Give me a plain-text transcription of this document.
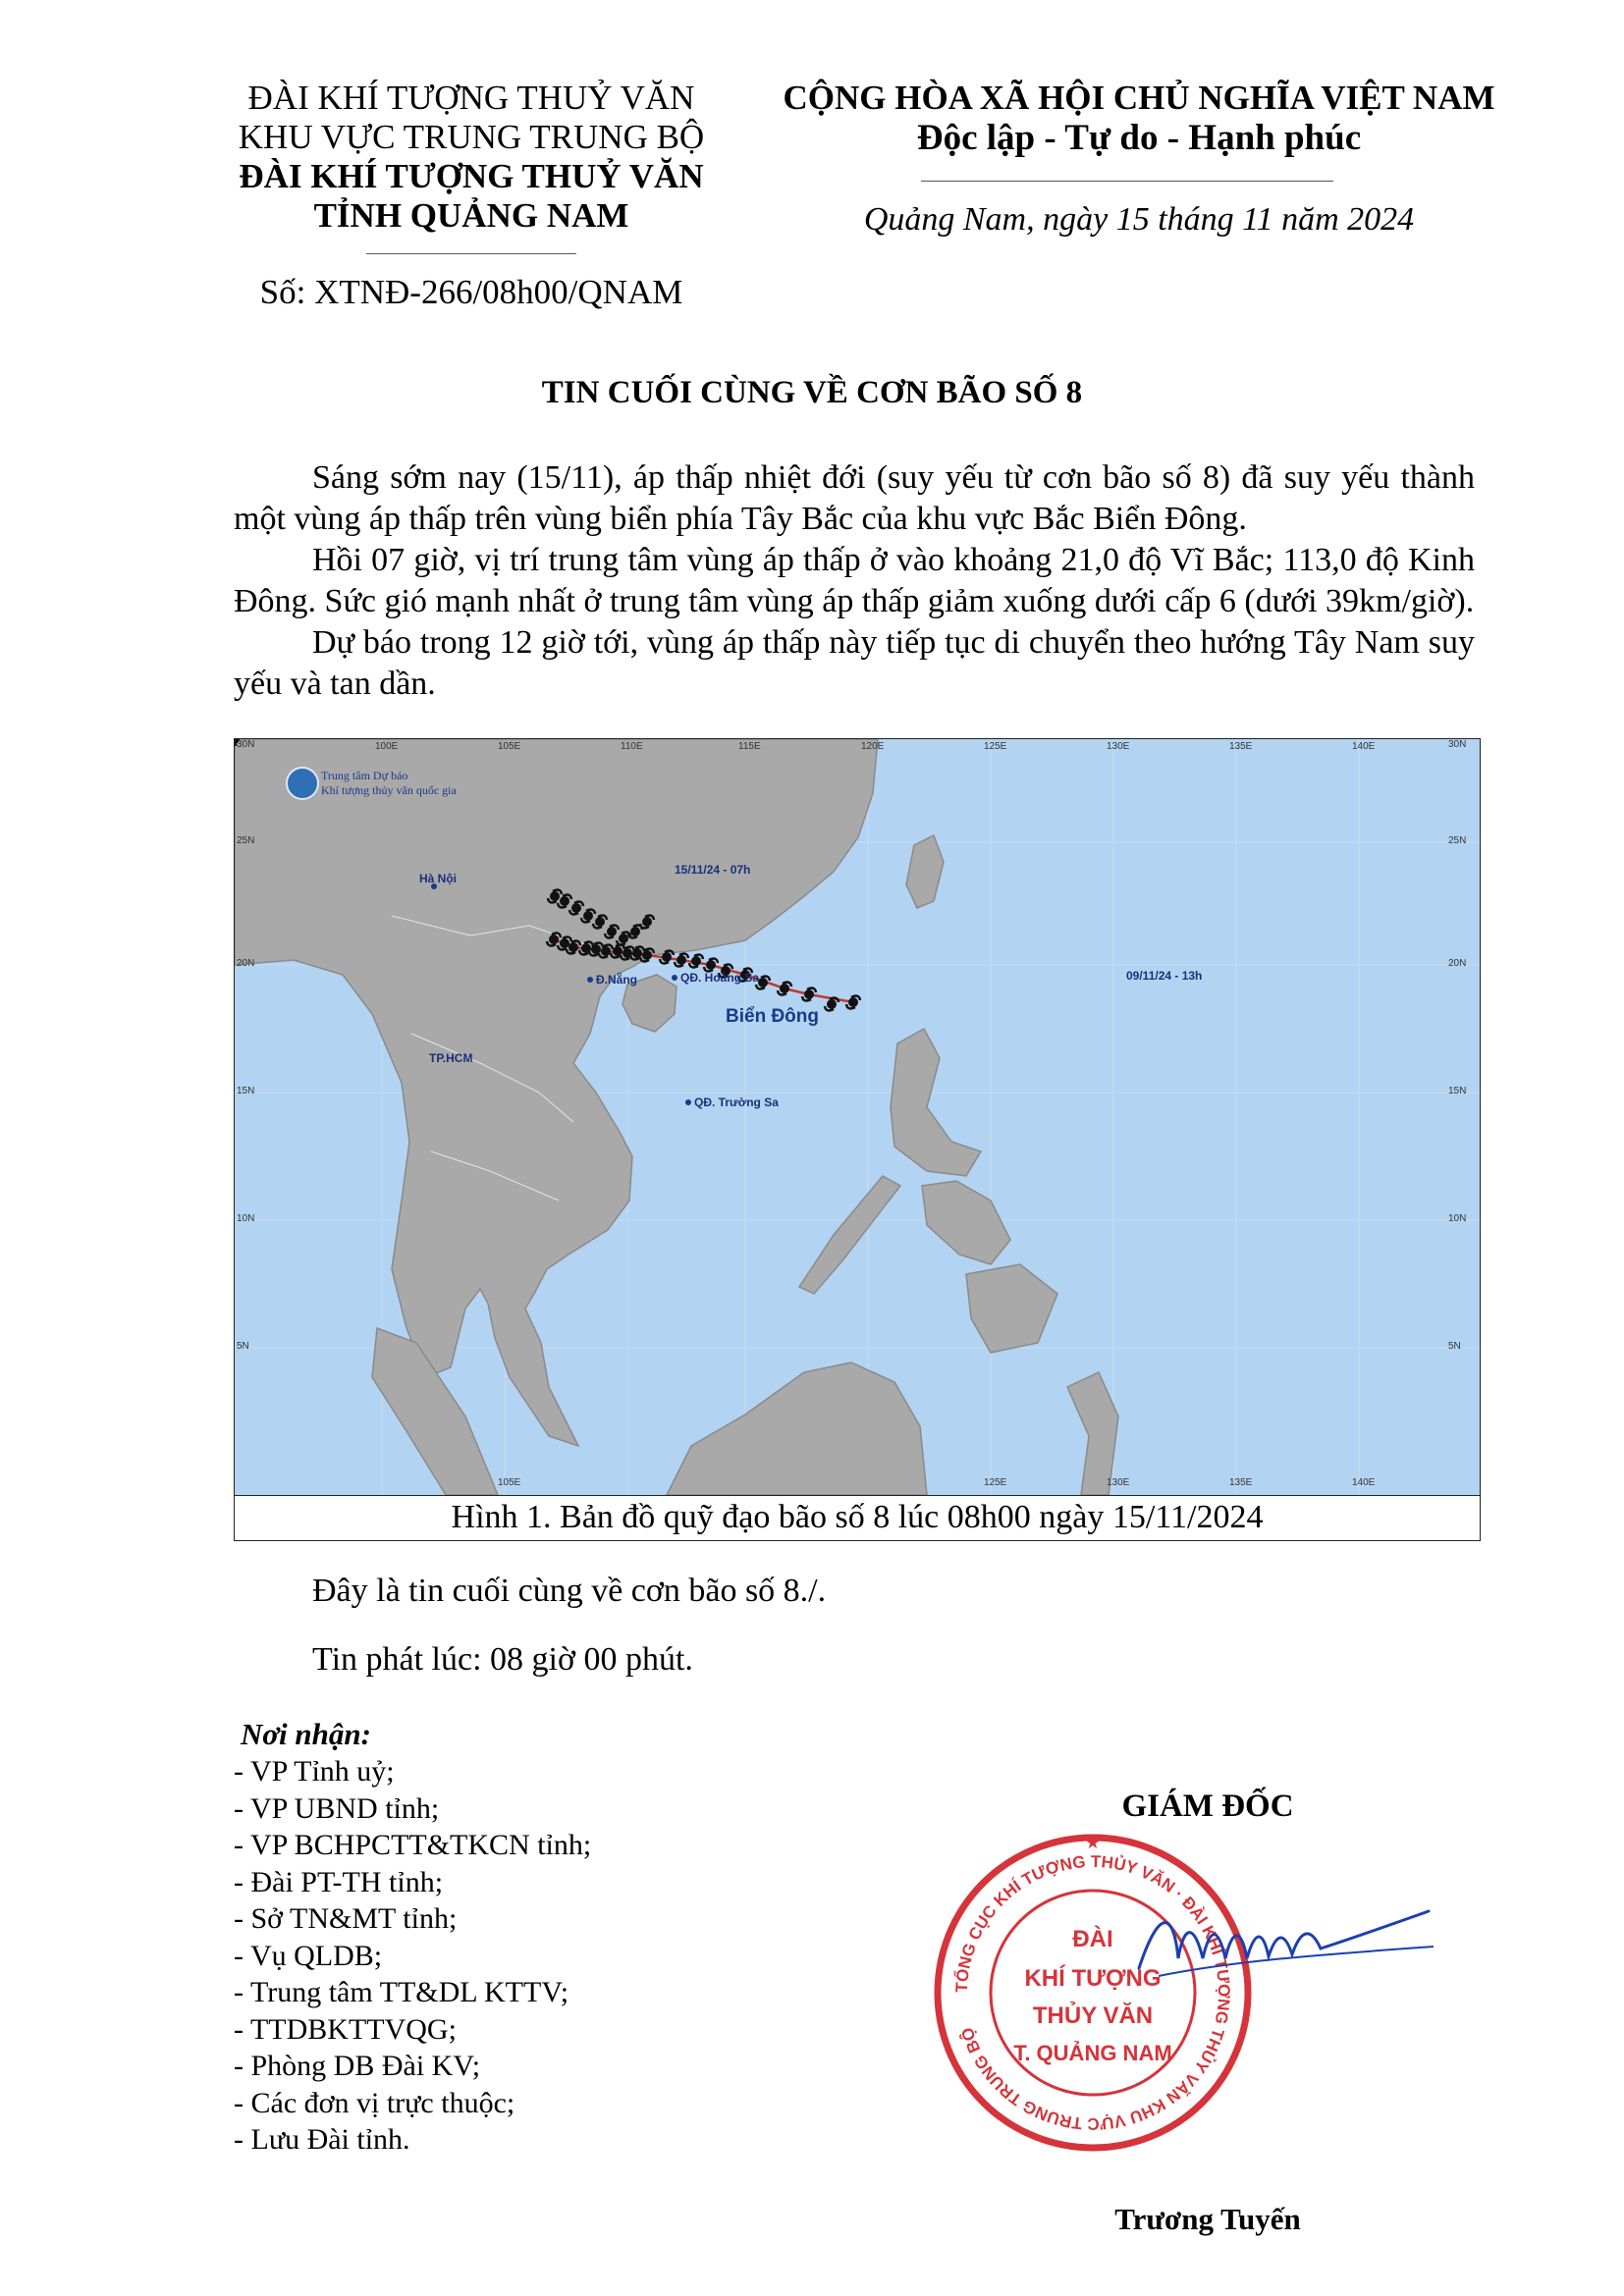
ĐÀI KHÍ TƯỢNG THUỶ VĂN
KHU VỰC TRUNG TRUNG BỘ
ĐÀI KHÍ TƯỢNG THUỶ VĂN
TỈNH QUẢNG NAM
Số: XTNĐ-266/08h00/QNAM
CỘNG HÒA XÃ HỘI CHỦ NGHĨA VIỆT NAM
Độc lập - Tự do - Hạnh phúc
Quảng Nam, ngày 15 tháng 11 năm 2024
TIN CUỐI CÙNG VỀ CƠN BÃO SỐ 8

Sáng sớm nay (15/11), áp thấp nhiệt đới (suy yếu từ cơn bão số 8) đã suy yếu thành một vùng áp thấp trên vùng biển phía Tây Bắc của khu vực Bắc Biển Đông.

Hồi 07 giờ, vị trí trung tâm vùng áp thấp ở vào khoảng 21,0 độ Vĩ Bắc; 113,0 độ Kinh Đông. Sức gió mạnh nhất ở trung tâm vùng áp thấp giảm xuống dưới cấp 6 (dưới 39km/giờ).

Dự báo trong 12 giờ tới, vùng áp thấp này tiếp tục di chuyển theo hướng Tây Nam suy yếu và tan dần.

Trung tâm Dự báo
Khí tượng thủy văn quốc gia
100E	105E	110E	115E	120E	125E	130E	135E	140E
105E	125E	130E	135E	140E
30N
25N
20N
15N
10N
5N
30N
25N
20N
15N
10N
5N
Hà Nội
Đ.Nẵng	QĐ. Hoàng Sa
QĐ. Trường Sa
TP.HCM
Biển Đông
09/11/24 - 13h
15/11/24 - 07h
Hình 1. Bản đồ quỹ đạo bão số 8 lúc 08h00 ngày 15/11/2024
Đây là tin cuối cùng về cơn bão số 8./.
Tin phát lúc: 08 giờ 00 phút.
Nơi nhận:
- VP Tỉnh uỷ;
- VP UBND tỉnh;
- VP BCHPCTT&TKCN tỉnh;
- Đài PT-TH tỉnh;
- Sở TN&MT tỉnh;
- Vụ QLDB;
- Trung tâm TT&DL KTTV;
- TTDBKTTVQG;
- Phòng DB Đài KV;
- Các đơn vị trực thuộc;
- Lưu Đài tỉnh.
GIÁM ĐỐC
TỔNG CỤC KHÍ TƯỢNG THỦY VĂN · ĐÀI KHÍ TƯỢNG THỦY VĂN KHU VỰC TRUNG TRUNG BỘ
ĐÀI
KHÍ TƯỢNG
THỦY VĂN
T. QUẢNG NAM
★
Trương Tuyến
